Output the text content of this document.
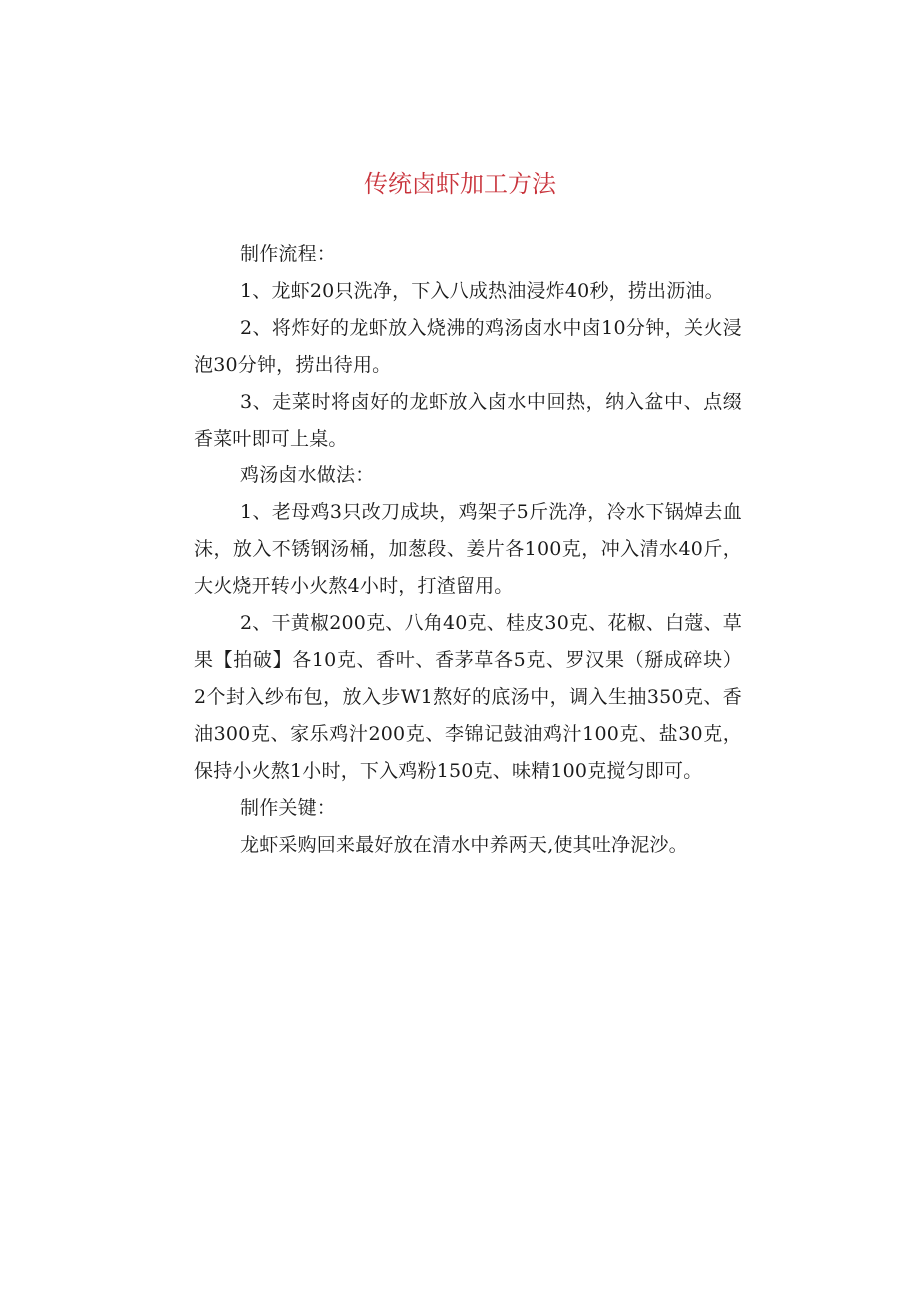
传统卤虾加工方法

制作流程：

1、龙虾20只洗净，下入八成热油浸炸40秒，捞出沥油。

2、将炸好的龙虾放入烧沸的鸡汤卤水中卤10分钟，关火浸泡30分钟，捞出待用。

3、走菜时将卤好的龙虾放入卤水中回热，纳入盆中、点缀香菜叶即可上桌。

鸡汤卤水做法：

1、老母鸡3只改刀成块，鸡架子5斤洗净，冷水下锅焯去血沫，放入不锈钢汤桶，加葱段、姜片各100克，冲入清水40斤，大火烧开转小火熬4小时，打渣留用。

2、干黄椒200克、八角40克、桂皮30克、花椒、白蔻、草果【拍破】各10克、香叶、香茅草各5克、罗汉果（掰成碎块）2个封入纱布包，放入步W1熬好的底汤中，调入生抽350克、香油300克、家乐鸡汁200克、李锦记鼓油鸡汁100克、盐30克，保持小火熬1小时，下入鸡粉150克、味精100克搅匀即可。

制作关键：

龙虾采购回来最好放在清水中养两天,使其吐净泥沙。
